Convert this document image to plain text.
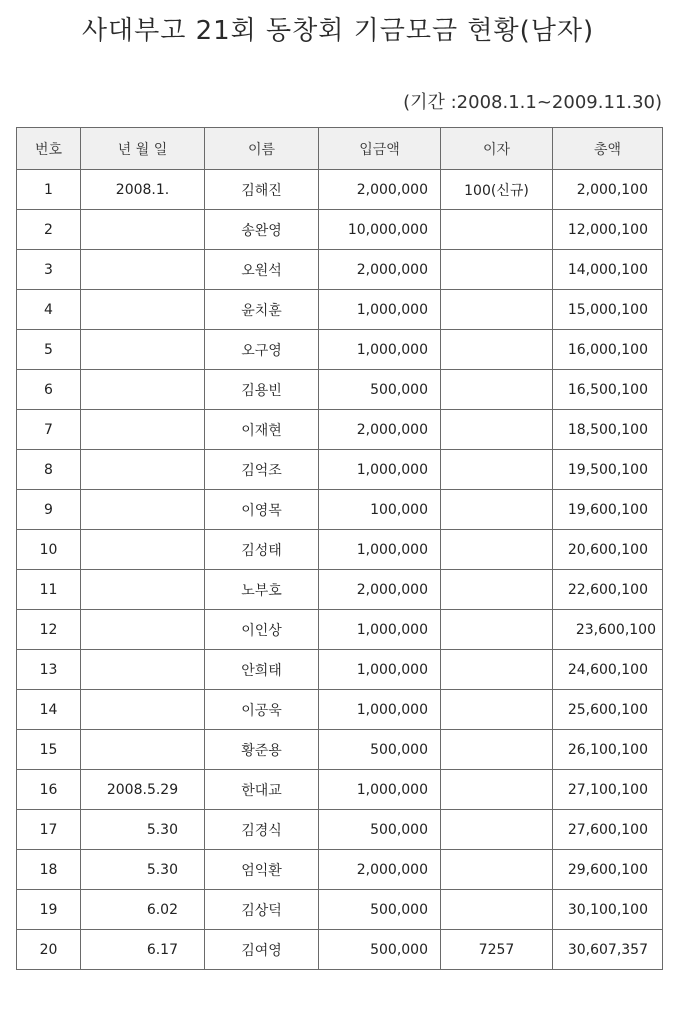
사대부고 21회 동창회 기금모금 현황(남자)
(기간 :2008.1.1~2009.11.30)
번호	년 월 일	이름	입금액	이자	총액
1	2008.1.	김해진	2,000,000	100(신규)	2,000,100
2		송완영	10,000,000		12,000,100
3		오원석	2,000,000		14,000,100
4		윤치훈	1,000,000		15,000,100
5		오구영	1,000,000		16,000,100
6		김용빈	500,000		16,500,100
7		이재현	2,000,000		18,500,100
8		김억조	1,000,000		19,500,100
9		이영목	100,000		19,600,100
10		김성태	1,000,000		20,600,100
11		노부호	2,000,000		22,600,100
12		이인상	1,000,000		23,600,100
13		안희태	1,000,000		24,600,100
14		이공욱	1,000,000		25,600,100
15		황준용	500,000		26,100,100
16	2008.5.29	한대교	1,000,000		27,100,100
17	5.30	김경식	500,000		27,600,100
18	5.30	엄익환	2,000,000		29,600,100
19	6.02	김상덕	500,000		30,100,100
20	6.17	김여영	500,000	7257	30,607,357
